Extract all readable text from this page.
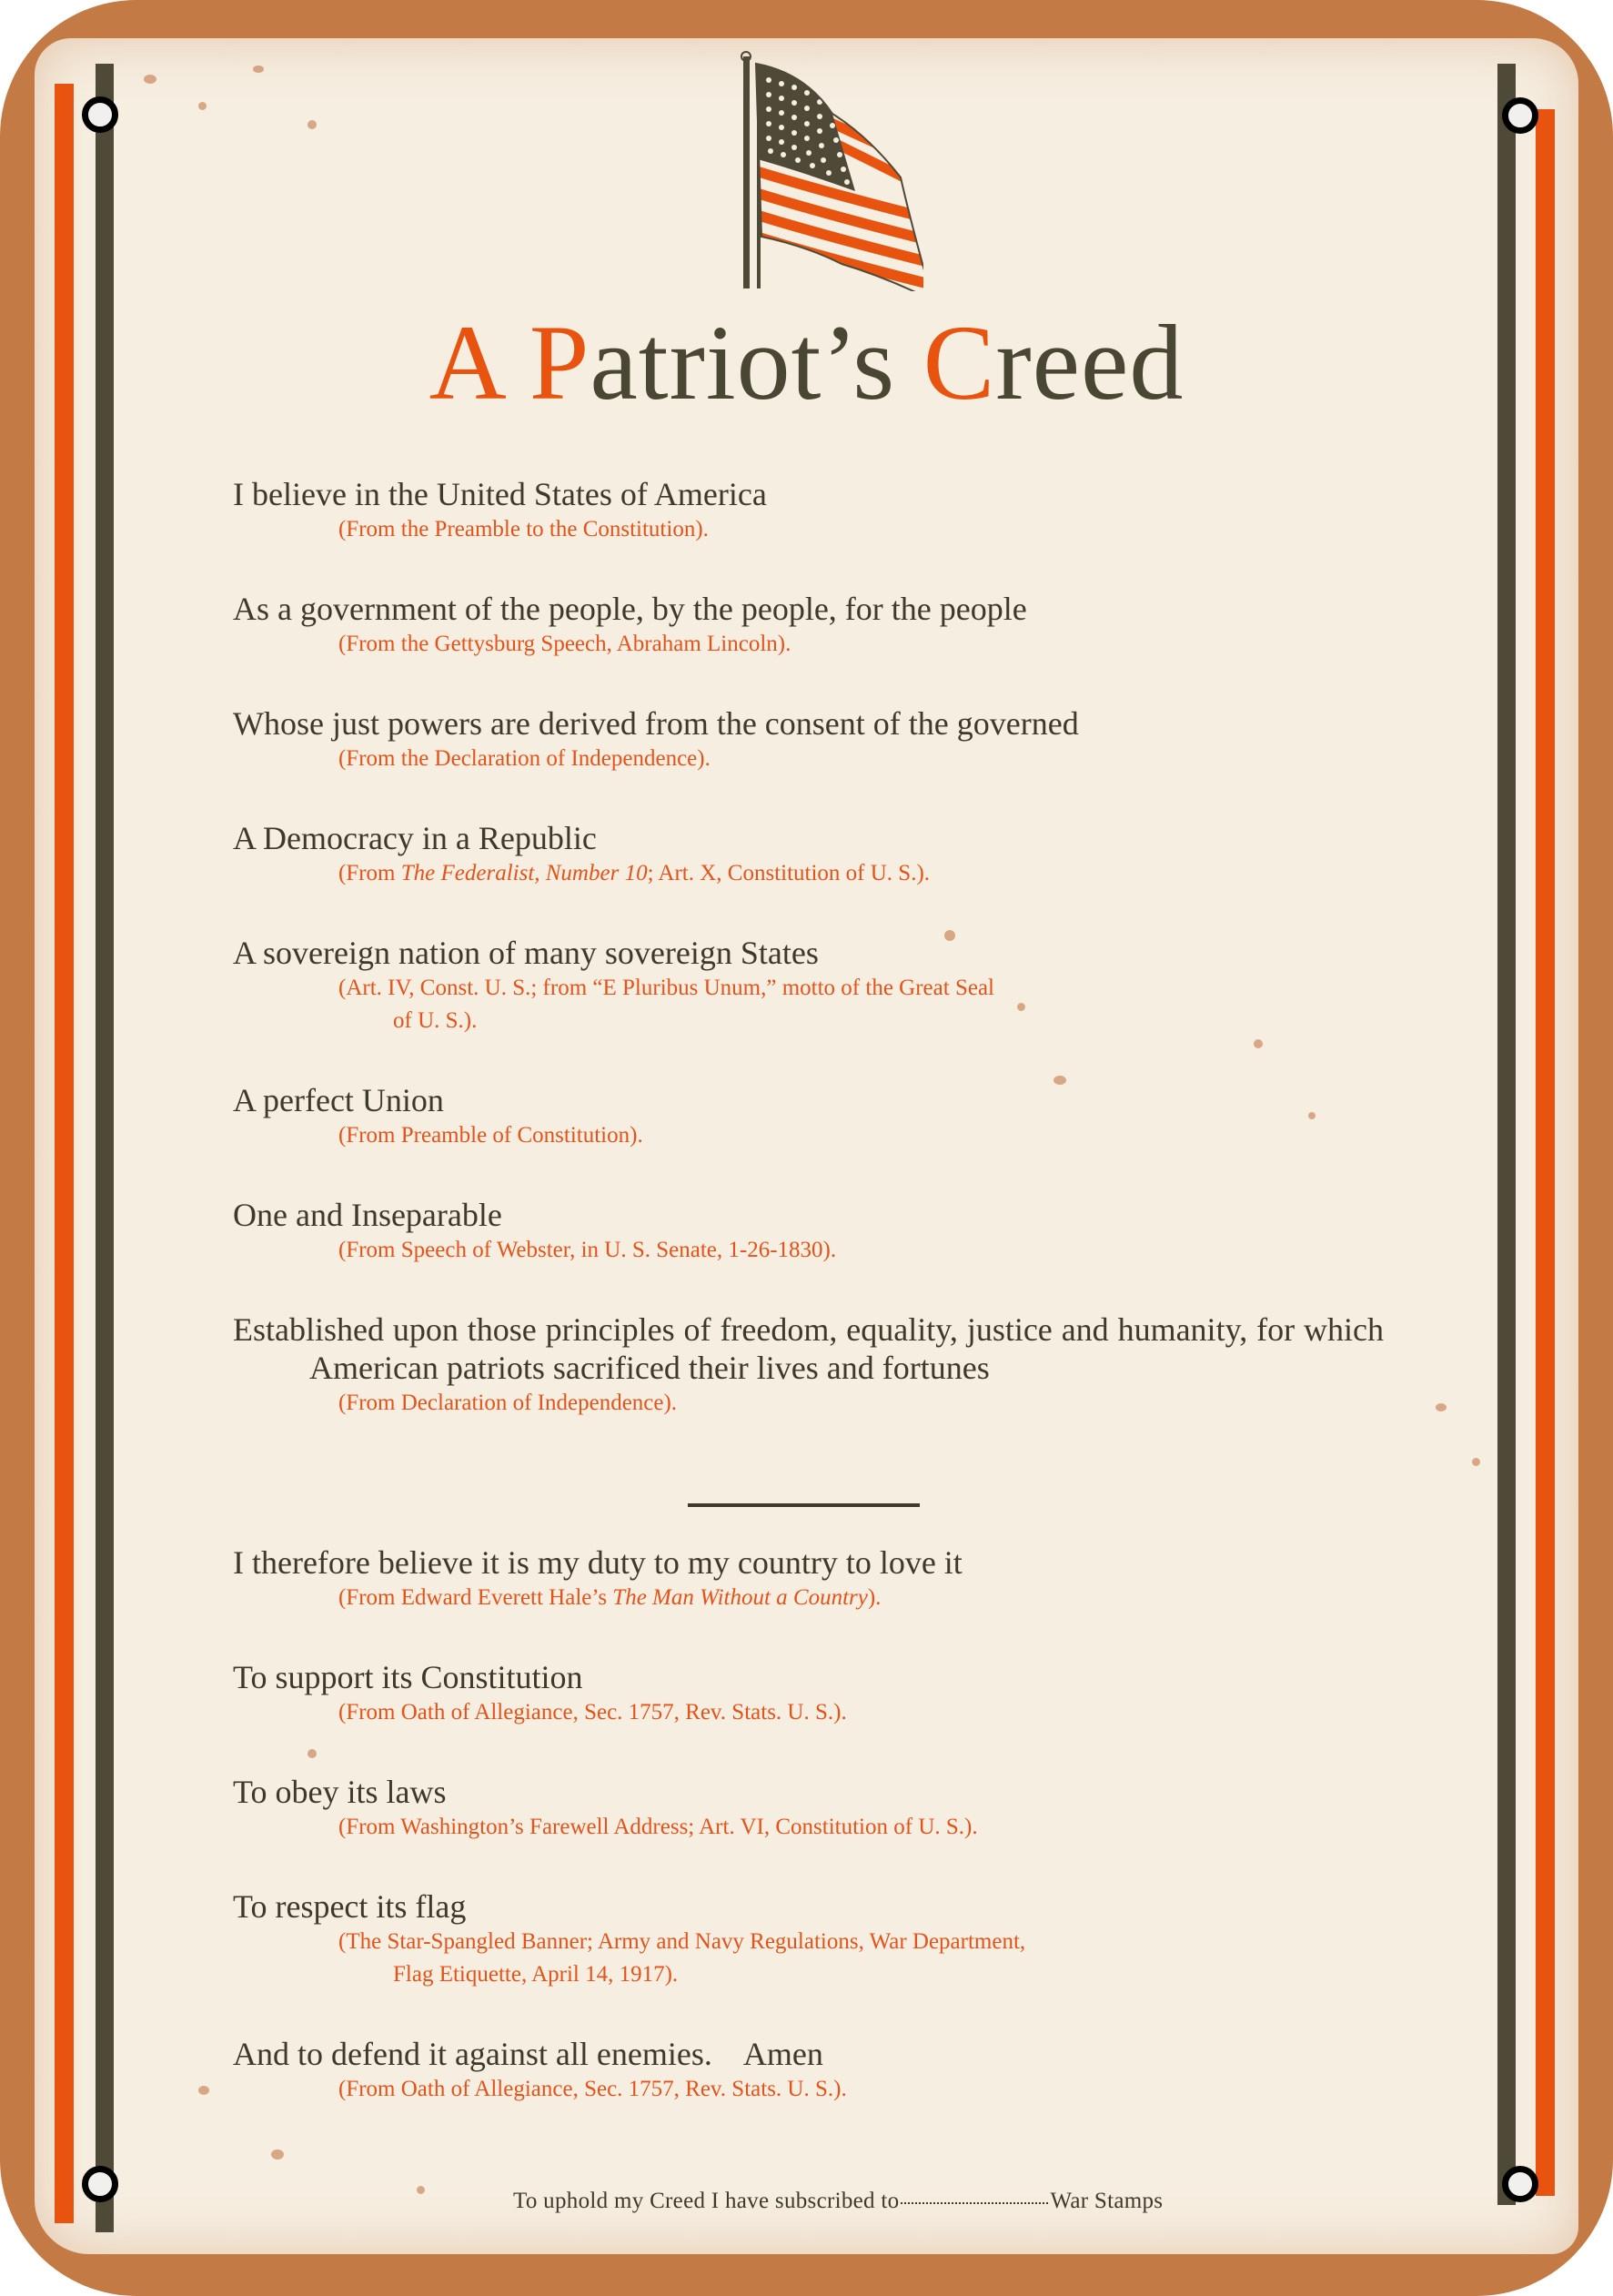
A Patriot’s Creed
I believe in the United States of America
(From the Preamble to the Constitution).
As a government of the people, by the people, for the people
(From the Gettysburg Speech, Abraham Lincoln).
Whose just powers are derived from the consent of the governed
(From the Declaration of Independence).
A Democracy in a Republic
(From The Federalist, Number 10; Art. X, Constitution of U. S.).
A sovereign nation of many sovereign States
(Art. IV, Const. U. S.; from “E Pluribus Unum,” motto of the Great Seal
of U. S.).
A perfect Union
(From Preamble of Constitution).
One and Inseparable
(From Speech of Webster, in U. S. Senate, 1-26-1830).
Established upon those principles of freedom, equality, justice and humanity, for which American patriots sacrificed their lives and fortunes
(From Declaration of Independence).
I therefore believe it is my duty to my country to love it
(From Edward Everett Hale’s The Man Without a Country).
To support its Constitution
(From Oath of Allegiance, Sec. 1757, Rev. Stats. U. S.).
To obey its laws
(From Washington’s Farewell Address; Art. VI, Constitution of U. S.).
To respect its flag
(The Star-Spangled Banner; Army and Navy Regulations, War Department,
Flag Etiquette, April 14, 1917).
And to defend it against all enemies.    Amen
(From Oath of Allegiance, Sec. 1757, Rev. Stats. U. S.).
To uphold my Creed I have subscribed to	War Stamps
